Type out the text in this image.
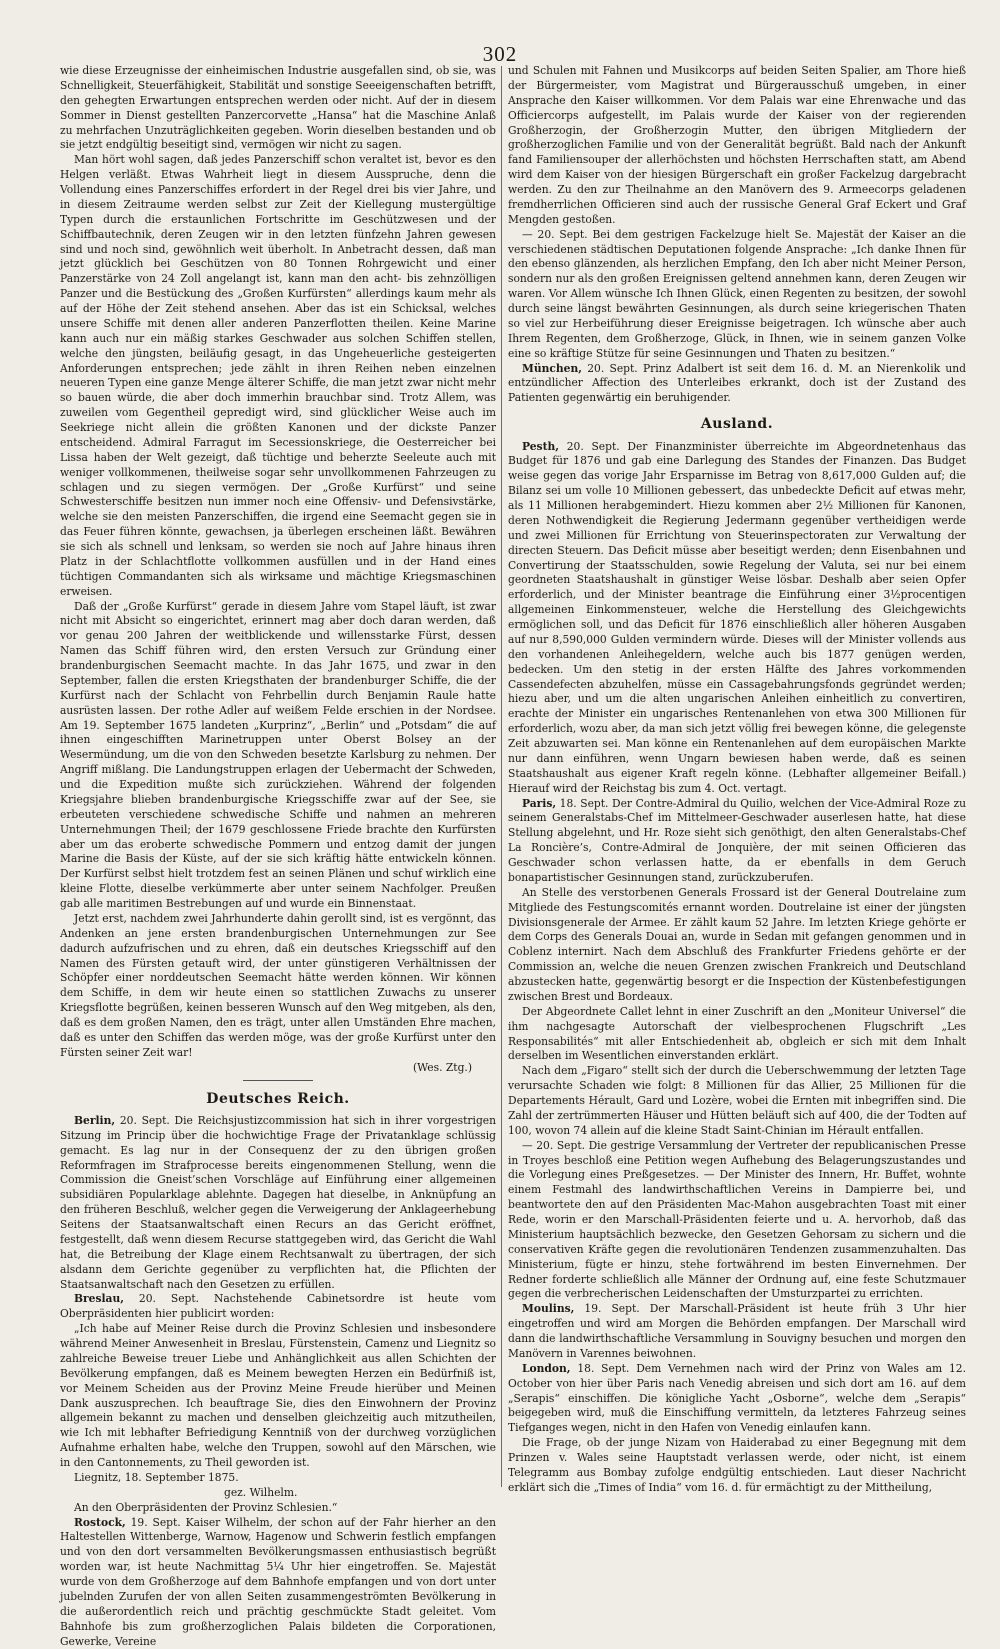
302

wie diese Erzeugnisse der einheimischen Industrie ausgefallen sind, ob sie, was Schnelligkeit, Steuerfähigkeit, Stabilität und sonstige Seeeigenschaften betrifft, den gehegten Erwartungen entsprechen werden oder nicht. Auf der in diesem Sommer in Dienst gestellten Panzercorvette „Hansa“ hat die Maschine Anlaß zu mehrfachen Unzuträglichkeiten gegeben. Worin dieselben bestanden und ob sie jetzt endgültig beseitigt sind, vermögen wir nicht zu sagen.

Man hört wohl sagen, daß jedes Panzerschiff schon veraltet ist, bevor es den Helgen verläßt. Etwas Wahrheit liegt in diesem Ausspruche, denn die Vollendung eines Panzerschiffes erfordert in der Regel drei bis vier Jahre, und in diesem Zeitraume werden selbst zur Zeit der Kiellegung mustergültige Typen durch die erstaunlichen Fortschritte im Geschützwesen und der Schiffbautechnik, deren Zeugen wir in den letzten fünfzehn Jahren gewesen sind und noch sind, gewöhnlich weit überholt. In Anbetracht dessen, daß man jetzt glücklich bei Geschützen von 80 Tonnen Rohrgewicht und einer Panzerstärke von 24 Zoll angelangt ist, kann man den acht- bis zehnzölligen Panzer und die Bestückung des „Großen Kurfürsten“ allerdings kaum mehr als auf der Höhe der Zeit stehend ansehen. Aber das ist ein Schicksal, welches unsere Schiffe mit denen aller anderen Panzerflotten theilen. Keine Marine kann auch nur ein mäßig starkes Geschwader aus solchen Schiffen stellen, welche den jüngsten, beiläufig gesagt, in das Ungeheuerliche gesteigerten Anforderungen entsprechen; jede zählt in ihren Reihen neben einzelnen neueren Typen eine ganze Menge älterer Schiffe, die man jetzt zwar nicht mehr so bauen würde, die aber doch immerhin brauchbar sind. Trotz Allem, was zuweilen vom Gegentheil gepredigt wird, sind glücklicher Weise auch im Seekriege nicht allein die größten Kanonen und der dickste Panzer entscheidend. Admiral Farragut im Secessionskriege, die Oesterreicher bei Lissa haben der Welt gezeigt, daß tüchtige und beherzte Seeleute auch mit weniger vollkommenen, theilweise sogar sehr unvollkommenen Fahrzeugen zu schlagen und zu siegen vermögen. Der „Große Kurfürst“ und seine Schwesterschiffe besitzen nun immer noch eine Offensiv- und Defensivstärke, welche sie den meisten Panzerschiffen, die irgend eine Seemacht gegen sie in das Feuer führen könnte, gewachsen, ja überlegen erscheinen läßt. Bewähren sie sich als schnell und lenksam, so werden sie noch auf Jahre hinaus ihren Platz in der Schlachtflotte vollkommen ausfüllen und in der Hand eines tüchtigen Commandanten sich als wirksame und mächtige Kriegsmaschinen erweisen.

Daß der „Große Kurfürst“ gerade in diesem Jahre vom Stapel läuft, ist zwar nicht mit Absicht so eingerichtet, erinnert mag aber doch daran werden, daß vor genau 200 Jahren der weitblickende und willensstarke Fürst, dessen Namen das Schiff führen wird, den ersten Versuch zur Gründung einer brandenburgischen Seemacht machte. In das Jahr 1675, und zwar in den September, fallen die ersten Kriegsthaten der brandenburger Schiffe, die der Kurfürst nach der Schlacht von Fehrbellin durch Benjamin Raule hatte ausrüsten lassen. Der rothe Adler auf weißem Felde erschien in der Nordsee. Am 19. September 1675 landeten „Kurprinz“, „Berlin“ und „Potsdam“ die auf ihnen eingeschifften Marinetruppen unter Oberst Bolsey an der Wesermündung, um die von den Schweden besetzte Karlsburg zu nehmen. Der Angriff mißlang. Die Landungstruppen erlagen der Uebermacht der Schweden, und die Expedition mußte sich zurückziehen. Während der folgenden Kriegsjahre blieben brandenburgische Kriegsschiffe zwar auf der See, sie erbeuteten verschiedene schwedische Schiffe und nahmen an mehreren Unternehmungen Theil; der 1679 geschlossene Friede brachte den Kurfürsten aber um das eroberte schwedische Pommern und entzog damit der jungen Marine die Basis der Küste, auf der sie sich kräftig hätte entwickeln können. Der Kurfürst selbst hielt trotzdem fest an seinen Plänen und schuf wirklich eine kleine Flotte, dieselbe verkümmerte aber unter seinem Nachfolger. Preußen gab alle maritimen Bestrebungen auf und wurde ein Binnenstaat.

Jetzt erst, nachdem zwei Jahrhunderte dahin gerollt sind, ist es vergönnt, das Andenken an jene ersten brandenburgischen Unternehmungen zur See dadurch aufzufrischen und zu ehren, daß ein deutsches Kriegsschiff auf den Namen des Fürsten getauft wird, der unter günstigeren Verhältnissen der Schöpfer einer norddeutschen Seemacht hätte werden können. Wir können dem Schiffe, in dem wir heute einen so stattlichen Zuwachs zu unserer Kriegsflotte begrüßen, keinen besseren Wunsch auf den Weg mitgeben, als den, daß es dem großen Namen, den es trägt, unter allen Umständen Ehre machen, daß es unter den Schiffen das werden möge, was der große Kurfürst unter den Fürsten seiner Zeit war!

(Wes. Ztg.)

Deutsches Reich.

Berlin, 20. Sept. Die Reichsjustizcommission hat sich in ihrer vorgestrigen Sitzung im Princip über die hochwichtige Frage der Privatanklage schlüssig gemacht. Es lag nur in der Consequenz der zu den übrigen großen Reformfragen im Strafprocesse bereits eingenommenen Stellung, wenn die Commission die Gneist’schen Vorschläge auf Einführung einer allgemeinen subsidiären Popularklage ablehnte. Dagegen hat dieselbe, in Anknüpfung an den früheren Beschluß, welcher gegen die Verweigerung der Anklageerhebung Seitens der Staatsanwaltschaft einen Recurs an das Gericht eröffnet, festgestellt, daß wenn diesem Recurse stattgegeben wird, das Gericht die Wahl hat, die Betreibung der Klage einem Rechtsanwalt zu übertragen, der sich alsdann dem Gerichte gegenüber zu verpflichten hat, die Pflichten der Staatsanwaltschaft nach den Gesetzen zu erfüllen.

Breslau, 20. Sept. Nachstehende Cabinetsordre ist heute vom Oberpräsidenten hier publicirt worden:

„Ich habe auf Meiner Reise durch die Provinz Schlesien und insbesondere während Meiner Anwesenheit in Breslau, Fürstenstein, Camenz und Liegnitz so zahlreiche Beweise treuer Liebe und Anhänglichkeit aus allen Schichten der Bevölkerung empfangen, daß es Meinem bewegten Herzen ein Bedürfniß ist, vor Meinem Scheiden aus der Provinz Meine Freude hierüber und Meinen Dank auszusprechen. Ich beauftrage Sie, dies den Einwohnern der Provinz allgemein bekannt zu machen und denselben gleichzeitig auch mitzutheilen, wie Ich mit lebhafter Befriedigung Kenntniß von der durchweg vorzüglichen Aufnahme erhalten habe, welche den Truppen, sowohl auf den Märschen, wie in den Cantonnements, zu Theil geworden ist.

Liegnitz, 18. September 1875.

gez. Wilhelm.

An den Oberpräsidenten der Provinz Schlesien.“

Rostock, 19. Sept. Kaiser Wilhelm, der schon auf der Fahr hierher an den Haltestellen Wittenberge, Warnow, Hagenow und Schwerin festlich empfangen und von den dort versammelten Bevölkerungsmassen enthusiastisch begrüßt worden war, ist heute Nachmittag 5¼ Uhr hier eingetroffen. Se. Majestät wurde von dem Großherzoge auf dem Bahnhofe empfangen und von dort unter jubelnden Zurufen der von allen Seiten zusammengeströmten Bevölkerung in die außerordentlich reich und prächtig geschmückte Stadt geleitet. Vom Bahnhofe bis zum großherzoglichen Palais bildeten die Corporationen, Gewerke, Vereine

und Schulen mit Fahnen und Musikcorps auf beiden Seiten Spalier, am Thore hieß der Bürgermeister, vom Magistrat und Bürgerausschuß umgeben, in einer Ansprache den Kaiser willkommen. Vor dem Palais war eine Ehrenwache und das Officiercorps aufgestellt, im Palais wurde der Kaiser von der regierenden Großherzogin, der Großherzogin Mutter, den übrigen Mitgliedern der großherzoglichen Familie und von der Generalität begrüßt. Bald nach der Ankunft fand Familiensouper der allerhöchsten und höchsten Herrschaften statt, am Abend wird dem Kaiser von der hiesigen Bürgerschaft ein großer Fackelzug dargebracht werden. Zu den zur Theilnahme an den Manövern des 9. Armeecorps geladenen fremdherrlichen Officieren sind auch der russische General Graf Eckert und Graf Mengden gestoßen.

— 20. Sept. Bei dem gestrigen Fackelzuge hielt Se. Majestät der Kaiser an die verschiedenen städtischen Deputationen folgende Ansprache: „Ich danke Ihnen für den ebenso glänzenden, als herzlichen Empfang, den Ich aber nicht Meiner Person, sondern nur als den großen Ereignissen geltend annehmen kann, deren Zeugen wir waren. Vor Allem wünsche Ich Ihnen Glück, einen Regenten zu besitzen, der sowohl durch seine längst bewährten Gesinnungen, als durch seine kriegerischen Thaten so viel zur Herbeiführung dieser Ereignisse beigetragen. Ich wünsche aber auch Ihrem Regenten, dem Großherzoge, Glück, in Ihnen, wie in seinem ganzen Volke eine so kräftige Stütze für seine Gesinnungen und Thaten zu besitzen.“

München, 20. Sept. Prinz Adalbert ist seit dem 16. d. M. an Nierenkolik und entzündlicher Affection des Unterleibes erkrankt, doch ist der Zustand des Patienten gegenwärtig ein beruhigender.

Ausland.

Pesth, 20. Sept. Der Finanzminister überreichte im Abgeordnetenhaus das Budget für 1876 und gab eine Darlegung des Standes der Finanzen. Das Budget weise gegen das vorige Jahr Ersparnisse im Betrag von 8,617,000 Gulden auf; die Bilanz sei um volle 10 Millionen gebessert, das unbedeckte Deficit auf etwas mehr, als 11 Millionen herabgemindert. Hiezu kommen aber 2½ Millionen für Kanonen, deren Nothwendigkeit die Regierung Jedermann gegenüber vertheidigen werde und zwei Millionen für Errichtung von Steuerinspectoraten zur Verwaltung der directen Steuern. Das Deficit müsse aber beseitigt werden; denn Eisenbahnen und Convertirung der Staatsschulden, sowie Regelung der Valuta, sei nur bei einem geordneten Staatshaushalt in günstiger Weise lösbar. Deshalb aber seien Opfer erforderlich, und der Minister beantrage die Einführung einer 3½procentigen allgemeinen Einkommensteuer, welche die Herstellung des Gleichgewichts ermöglichen soll, und das Deficit für 1876 einschließlich aller höheren Ausgaben auf nur 8,590,000 Gulden vermindern würde. Dieses will der Minister vollends aus den vorhandenen Anleihegeldern, welche auch bis 1877 genügen werden, bedecken. Um den stetig in der ersten Hälfte des Jahres vorkommenden Cassendefecten abzuhelfen, müsse ein Cassagebahrungsfonds gegründet werden; hiezu aber, und um die alten ungarischen Anleihen einheitlich zu convertiren, erachte der Minister ein ungarisches Rentenanlehen von etwa 300 Millionen für erforderlich, wozu aber, da man sich jetzt völlig frei bewegen könne, die gelegenste Zeit abzuwarten sei. Man könne ein Rentenanlehen auf dem europäischen Markte nur dann einführen, wenn Ungarn bewiesen haben werde, daß es seinen Staatshaushalt aus eigener Kraft regeln könne. (Lebhafter allgemeiner Beifall.) Hierauf wird der Reichstag bis zum 4. Oct. vertagt.

Paris, 18. Sept. Der Contre-Admiral du Quilio, welchen der Vice-Admiral Roze zu seinem Generalstabs-Chef im Mittelmeer-Geschwader auserlesen hatte, hat diese Stellung abgelehnt, und Hr. Roze sieht sich genöthigt, den alten Generalstabs-Chef La Roncière’s, Contre-Admiral de Jonquière, der mit seinen Officieren das Geschwader schon verlassen hatte, da er ebenfalls in dem Geruch bonapartistischer Gesinnungen stand, zurückzuberufen.

An Stelle des verstorbenen Generals Frossard ist der General Doutrelaine zum Mitgliede des Festungscomités ernannt worden. Doutrelaine ist einer der jüngsten Divisionsgenerale der Armee. Er zählt kaum 52 Jahre. Im letzten Kriege gehörte er dem Corps des Generals Douai an, wurde in Sedan mit gefangen genommen und in Coblenz internirt. Nach dem Abschluß des Frankfurter Friedens gehörte er der Commission an, welche die neuen Grenzen zwischen Frankreich und Deutschland abzustecken hatte, gegenwärtig besorgt er die Inspection der Küstenbefestigungen zwischen Brest und Bordeaux.

Der Abgeordnete Callet lehnt in einer Zuschrift an den „Moniteur Universel“ die ihm nachgesagte Autorschaft der vielbesprochenen Flugschrift „Les Responsabilités“ mit aller Entschiedenheit ab, obgleich er sich mit dem Inhalt derselben im Wesentlichen einverstanden erklärt.

Nach dem „Figaro“ stellt sich der durch die Ueberschwemmung der letzten Tage verursachte Schaden wie folgt: 8 Millionen für das Allier, 25 Millionen für die Departements Hérault, Gard und Lozère, wobei die Ernten mit inbegriffen sind. Die Zahl der zertrümmerten Häuser und Hütten beläuft sich auf 400, die der Todten auf 100, wovon 74 allein auf die kleine Stadt Saint-Chinian im Hérault entfallen.

— 20. Sept. Die gestrige Versammlung der Vertreter der republicanischen Presse in Troyes beschloß eine Petition wegen Aufhebung des Belagerungszustandes und die Vorlegung eines Preßgesetzes. — Der Minister des Innern, Hr. Buffet, wohnte einem Festmahl des landwirthschaftlichen Vereins in Dampierre bei, und beantwortete den auf den Präsidenten Mac-Mahon ausgebrachten Toast mit einer Rede, worin er den Marschall-Präsidenten feierte und u. A. hervorhob, daß das Ministerium hauptsächlich bezwecke, den Gesetzen Gehorsam zu sichern und die conservativen Kräfte gegen die revolutionären Tendenzen zusammenzuhalten. Das Ministerium, fügte er hinzu, stehe fortwährend im besten Einvernehmen. Der Redner forderte schließlich alle Männer der Ordnung auf, eine feste Schutzmauer gegen die verbrecherischen Leidenschaften der Umsturzpartei zu errichten.

Moulins, 19. Sept. Der Marschall-Präsident ist heute früh 3 Uhr hier eingetroffen und wird am Morgen die Behörden empfangen. Der Marschall wird dann die landwirthschaftliche Versammlung in Souvigny besuchen und morgen den Manövern in Varennes beiwohnen.

London, 18. Sept. Dem Vernehmen nach wird der Prinz von Wales am 12. October von hier über Paris nach Venedig abreisen und sich dort am 16. auf dem „Serapis“ einschiffen. Die königliche Yacht „Osborne“, welche dem „Serapis“ beigegeben wird, muß die Einschiffung vermitteln, da letzteres Fahrzeug seines Tiefganges wegen, nicht in den Hafen von Venedig einlaufen kann.

Die Frage, ob der junge Nizam von Haiderabad zu einer Begegnung mit dem Prinzen v. Wales seine Hauptstadt verlassen werde, oder nicht, ist einem Telegramm aus Bombay zufolge endgültig entschieden. Laut dieser Nachricht erklärt sich die „Times of India“ vom 16. d. für ermächtigt zu der Mittheilung,
